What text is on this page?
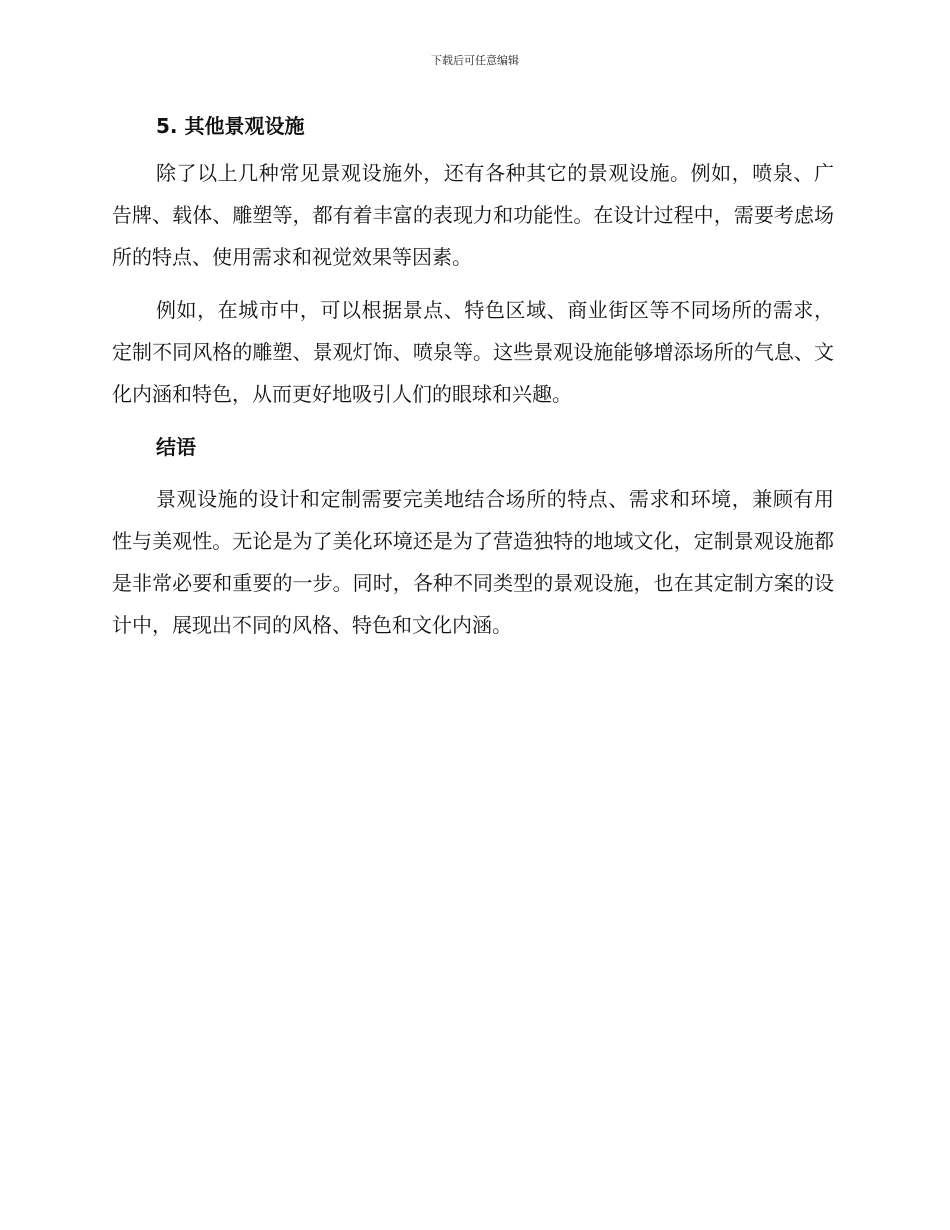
下载后可任意编辑
5. 其他景观设施

除了以上几种常见景观设施外，还有各种其它的景观设施。例如，喷泉、广告牌、载体、雕塑等，都有着丰富的表现力和功能性。在设计过程中，需要考虑场所的特点、使用需求和视觉效果等因素。

例如，在城市中，可以根据景点、特色区域、商业街区等不同场所的需求，定制不同风格的雕塑、景观灯饰、喷泉等。这些景观设施能够增添场所的气息、文化内涵和特色，从而更好地吸引人们的眼球和兴趣。

结语

景观设施的设计和定制需要完美地结合场所的特点、需求和环境，兼顾有用性与美观性。无论是为了美化环境还是为了营造独特的地域文化，定制景观设施都是非常必要和重要的一步。同时，各种不同类型的景观设施，也在其定制方案的设计中，展现出不同的风格、特色和文化内涵。
